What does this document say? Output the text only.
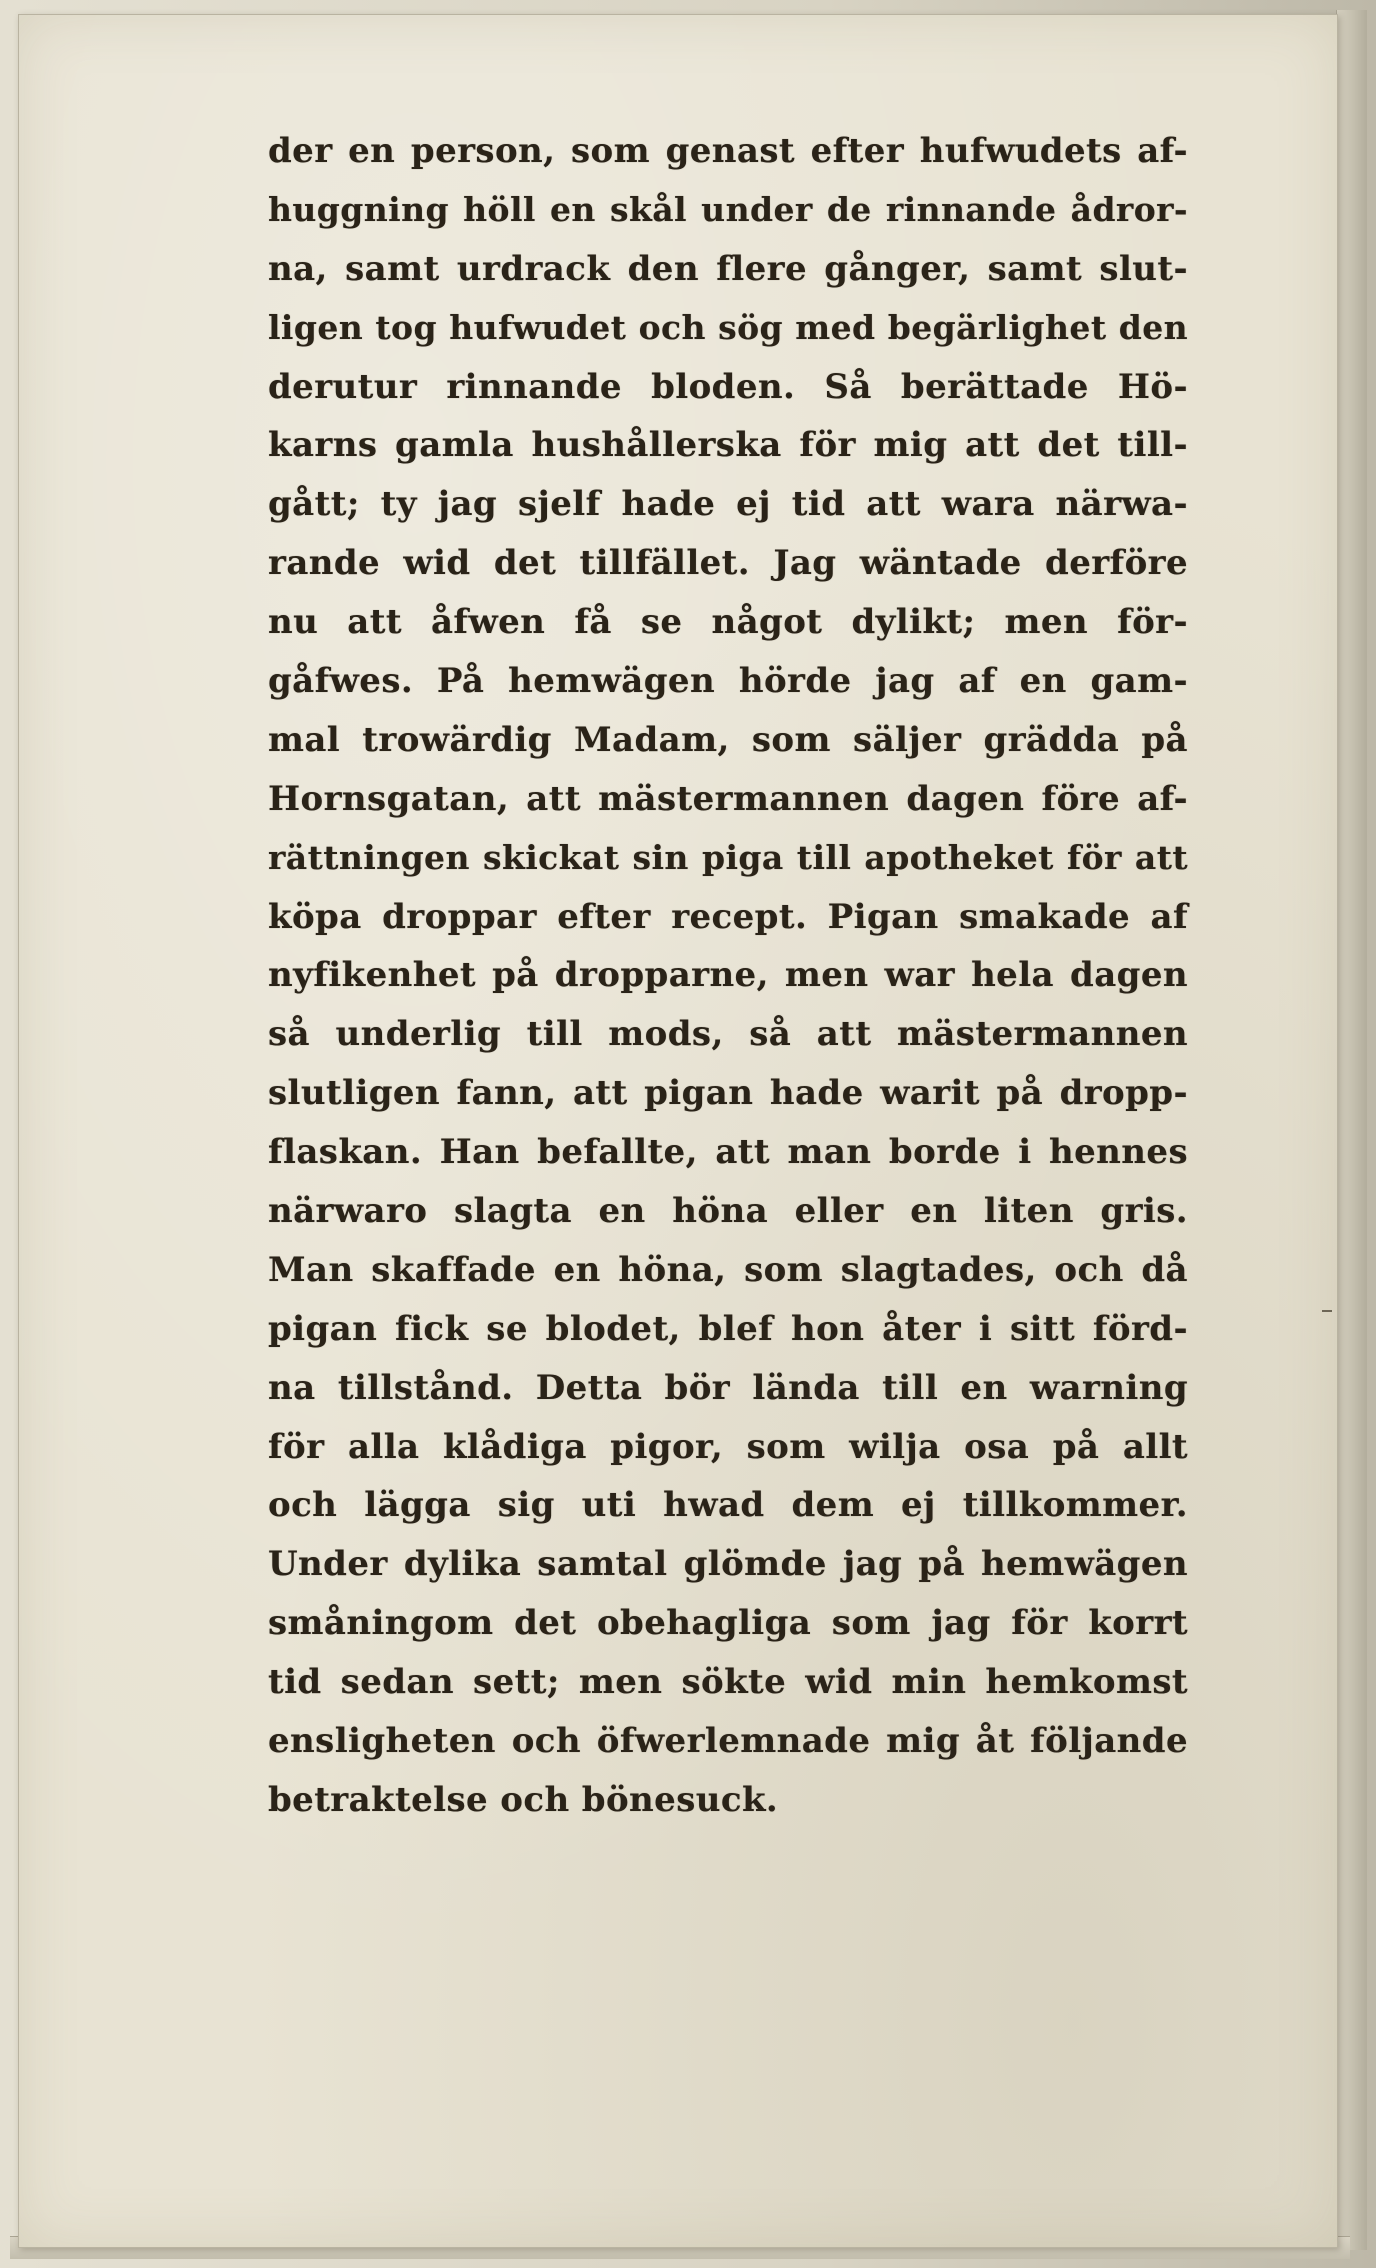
der en person, som genast efter hufwudets af-
huggning höll en skål under de rinnande ådror-
na, samt urdrack den flere gånger, samt slut-
ligen tog hufwudet och sög med begärlighet den
derutur rinnande bloden. Så berättade Hö-
karns gamla hushållerska för mig att det till-
gått; ty jag sjelf hade ej tid att wara närwa-
rande wid det tillfället. Jag wäntade derföre
nu att åfwen få se något dylikt; men för-
gåfwes. På hemwägen hörde jag af en gam-
mal trowärdig Madam, som säljer grädda på
Hornsgatan, att mästermannen dagen före af-
rättningen skickat sin piga till apotheket för att
köpa droppar efter recept. Pigan smakade af
nyfikenhet på dropparne, men war hela dagen
så underlig till mods, så att mästermannen
slutligen fann, att pigan hade warit på dropp-
flaskan. Han befallte, att man borde i hennes
närwaro slagta en höna eller en liten gris.
Man skaffade en höna, som slagtades, och då
pigan fick se blodet, blef hon åter i sitt förd-
na tillstånd. Detta bör lända till en warning
för alla klådiga pigor, som wilja osa på allt
och lägga sig uti hwad dem ej tillkommer.
Under dylika samtal glömde jag på hemwägen
småningom det obehagliga som jag för korrt
tid sedan sett; men sökte wid min hemkomst
ensligheten och öfwerlemnade mig åt följande
betraktelse och bönesuck.
